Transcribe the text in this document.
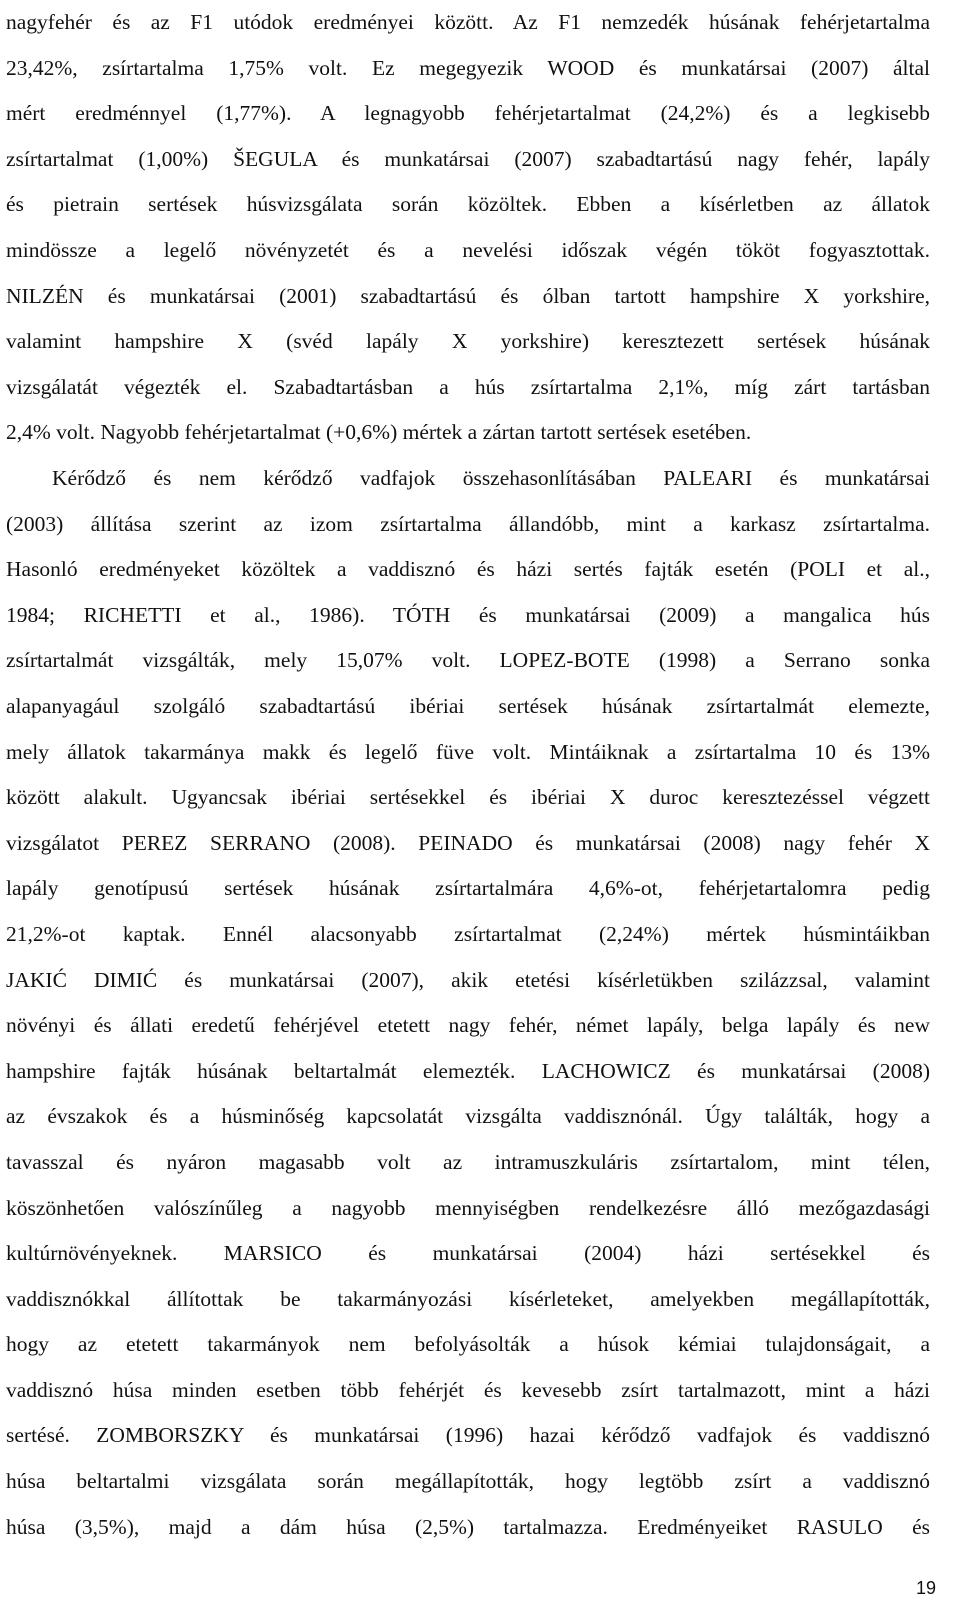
nagyfehér és az F1 utódok eredményei között. Az F1 nemzedék húsának fehérjetartalma
23,42%, zsírtartalma 1,75% volt. Ez megegyezik WOOD és munkatársai (2007) által
mért eredménnyel (1,77%). A legnagyobb fehérjetartalmat (24,2%) és a legkisebb
zsírtartalmat (1,00%) ŠEGULA és munkatársai (2007) szabadtartású nagy fehér, lapály
és pietrain sertések húsvizsgálata során közöltek. Ebben a kísérletben az állatok
mindössze a legelő növényzetét és a nevelési időszak végén tököt fogyasztottak.
NILZÉN és munkatársai (2001) szabadtartású és ólban tartott hampshire X yorkshire,
valamint hampshire X (svéd lapály X yorkshire) keresztezett sertések húsának
vizsgálatát végezték el. Szabadtartásban a hús zsírtartalma 2,1%, míg zárt tartásban
2,4% volt. Nagyobb fehérjetartalmat (+0,6%) mértek a zártan tartott sertések esetében.
Kérődző és nem kérődző vadfajok összehasonlításában PALEARI és munkatársai
(2003) állítása szerint az izom zsírtartalma állandóbb, mint a karkasz zsírtartalma.
Hasonló eredményeket közöltek a vaddisznó és házi sertés fajták esetén (POLI et al.,
1984; RICHETTI et al., 1986). TÓTH és munkatársai (2009) a mangalica hús
zsírtartalmát vizsgálták, mely 15,07% volt. LOPEZ-BOTE (1998) a Serrano sonka
alapanyagául szolgáló szabadtartású ibériai sertések húsának zsírtartalmát elemezte,
mely állatok takarmánya makk és legelő füve volt. Mintáiknak a zsírtartalma 10 és 13%
között alakult. Ugyancsak ibériai sertésekkel és ibériai X duroc keresztezéssel végzett
vizsgálatot PEREZ SERRANO (2008). PEINADO és munkatársai (2008) nagy fehér X
lapály genotípusú sertések húsának zsírtartalmára 4,6%-ot, fehérjetartalomra pedig
21,2%-ot kaptak. Ennél alacsonyabb zsírtartalmat (2,24%) mértek húsmintáikban
JAKIĆ DIMIĆ és munkatársai (2007), akik etetési kísérletükben szilázzsal, valamint
növényi és állati eredetű fehérjével etetett nagy fehér, német lapály, belga lapály és new
hampshire fajták húsának beltartalmát elemezték. LACHOWICZ és munkatársai (2008)
az évszakok és a húsminőség kapcsolatát vizsgálta vaddisznónál. Úgy találták, hogy a
tavasszal és nyáron magasabb volt az intramuszkuláris zsírtartalom, mint télen,
köszönhetően valószínűleg a nagyobb mennyiségben rendelkezésre álló mezőgazdasági
kultúrnövényeknek. MARSICO és munkatársai (2004) házi sertésekkel és
vaddisznókkal állítottak be takarmányozási kísérleteket, amelyekben megállapították,
hogy az etetett takarmányok nem befolyásolták a húsok kémiai tulajdonságait, a
vaddisznó húsa minden esetben több fehérjét és kevesebb zsírt tartalmazott, mint a házi
sertésé. ZOMBORSZKY és munkatársai (1996) hazai kérődző vadfajok és vaddisznó
húsa beltartalmi vizsgálata során megállapították, hogy legtöbb zsírt a vaddisznó
húsa (3,5%), majd a dám húsa (2,5%) tartalmazza. Eredményeiket RASULO és
19
